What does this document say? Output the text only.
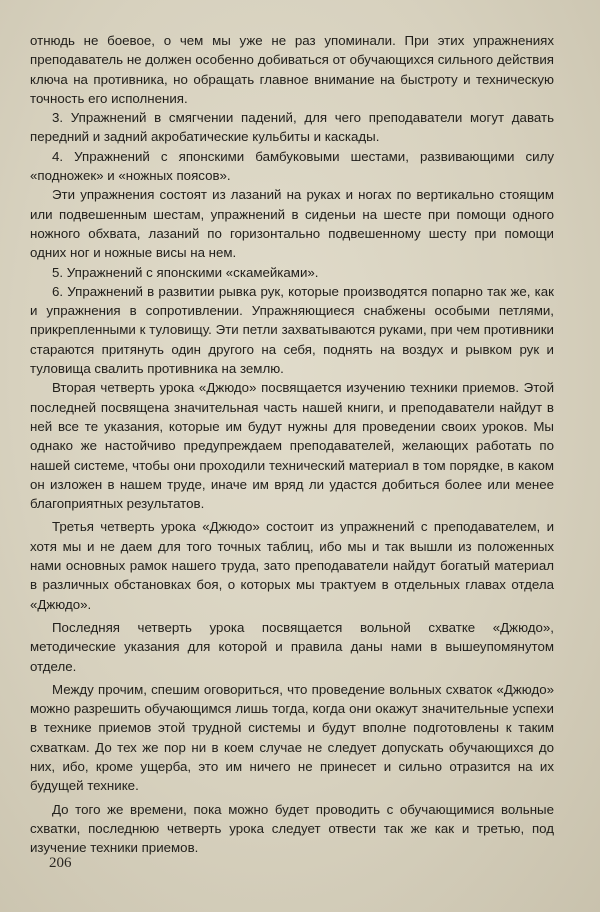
отнюдь не боевое, о чем мы уже не раз упоминали. При этих упражнениях преподаватель не должен особенно добиваться от обучающихся сильного действия ключа на противника, но обращать главное внимание на быстроту и техническую точность его исполнения.

3. Упражнений в смягчении падений, для чего преподаватели могут давать передний и задний акробатические кульбиты и каскады.

4. Упражнений с японскими бамбуковыми шестами, развивающими силу «подножек» и «ножных поясов».

Эти упражнения состоят из лазаний на руках и ногах по вертикально стоящим или подвешенным шестам, упражнений в сиденьи на шесте при помощи одного ножного обхвата, лазаний по горизонтально подвешенному шесту при помощи одних ног и ножные висы на нем.

5. Упражнений с японскими «скамейками».

6. Упражнений в развитии рывка рук, которые производятся попарно так же, как и упражнения в сопротивлении. Упражняющиеся снабжены особыми петлями, прикрепленными к туловищу. Эти петли захватываются руками, при чем противники стараются притянуть один другого на себя, поднять на воздух и рывком рук и туловища свалить противника на землю.

Вторая четверть урока «Джюдо» посвящается изучению техники приемов. Этой последней посвящена значительная часть нашей книги, и преподаватели найдут в ней все те указания, которые им будут нужны для проведении своих уроков. Мы однако же настойчиво предупреждаем преподавателей, желающих работать по нашей системе, чтобы они проходили технический материал в том порядке, в каком он изложен в нашем труде, иначе им вряд ли удастся добиться более или менее благоприятных результатов.

Третья четверть урока «Джюдо» состоит из упражнений с преподавателем, и хотя мы и не даем для того точных таблиц, ибо мы и так вышли из положенных нами основных рамок нашего труда, зато преподаватели найдут богатый материал в различных обстановках боя, о которых мы трактуем в отдельных главах отдела «Джюдо».

Последняя четверть урока посвящается вольной схватке «Джюдо», методические указания для которой и правила даны нами в вышеупомянутом отделе.

Между прочим, спешим оговориться, что проведение вольных схваток «Джюдо» можно разрешить обучающимся лишь тогда, когда они окажут значительные успехи в технике приемов этой трудной системы и будут вполне подготовлены к таким схваткам. До тех же пор ни в коем случае не следует допускать обучающихся до них, ибо, кроме ущерба, это им ничего не принесет и сильно отразится на их будущей технике.

До того же времени, пока можно будет проводить с обучающимися вольные схватки, последнюю четверть урока следует отвести так же как и третью, под изучение техники приемов.

206
